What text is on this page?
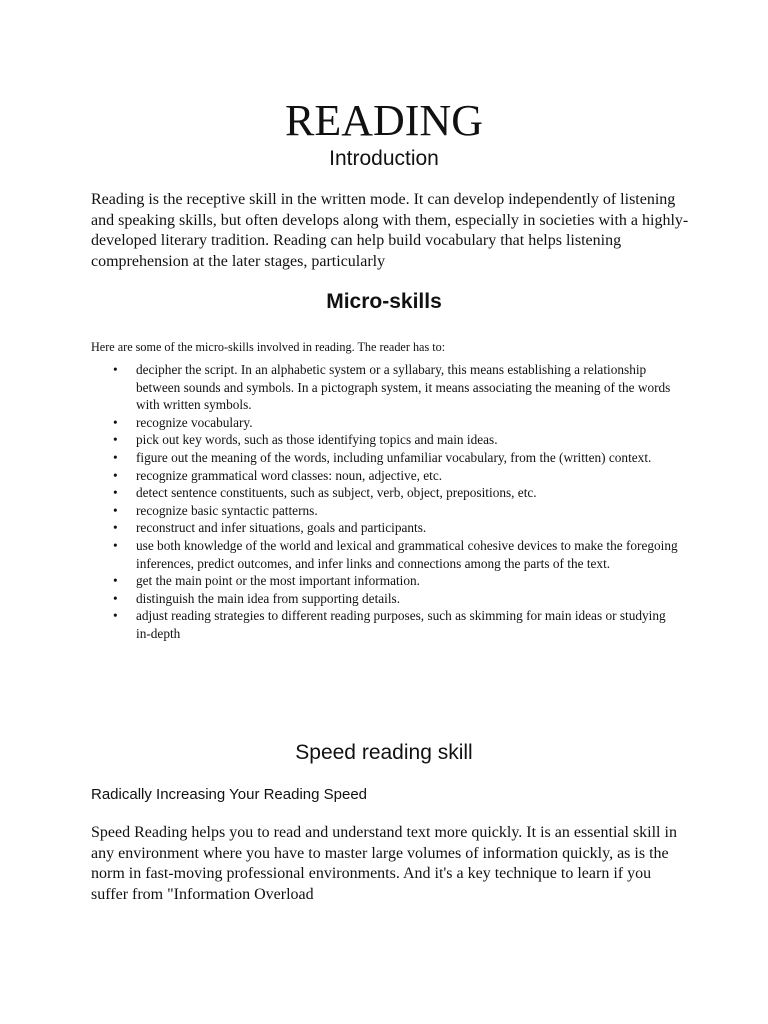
READING
Introduction

Reading is the receptive skill in the written mode. It can develop independently of listening and speaking skills, but often develops along with them, especially in societies with a highly-developed literary tradition. Reading can help build vocabulary that helps listening comprehension at the later stages, particularly

Micro-skills

Here are some of the micro-skills involved in reading. The reader has to:

• decipher the script. In an alphabetic system or a syllabary, this means establishing a relationship between sounds and symbols. In a pictograph system, it means associating the meaning of the words with written symbols.
• recognize vocabulary.
• pick out key words, such as those identifying topics and main ideas.
• figure out the meaning of the words, including unfamiliar vocabulary, from the (written) context.
• recognize grammatical word classes: noun, adjective, etc.
• detect sentence constituents, such as subject, verb, object, prepositions, etc.
• recognize basic syntactic patterns.
• reconstruct and infer situations, goals and participants.
• use both knowledge of the world and lexical and grammatical cohesive devices to make the foregoing inferences, predict outcomes, and infer links and connections among the parts of the text.
• get the main point or the most important information.
• distinguish the main idea from supporting details.
• adjust reading strategies to different reading purposes, such as skimming for main ideas or studying in-depth
Speed reading skill
Radically Increasing Your Reading Speed

Speed Reading helps you to read and understand text more quickly. It is an essential skill in any environment where you have to master large volumes of information quickly, as is the norm in fast-moving professional environments. And it's a key technique to learn if you suffer from "Information Overload
